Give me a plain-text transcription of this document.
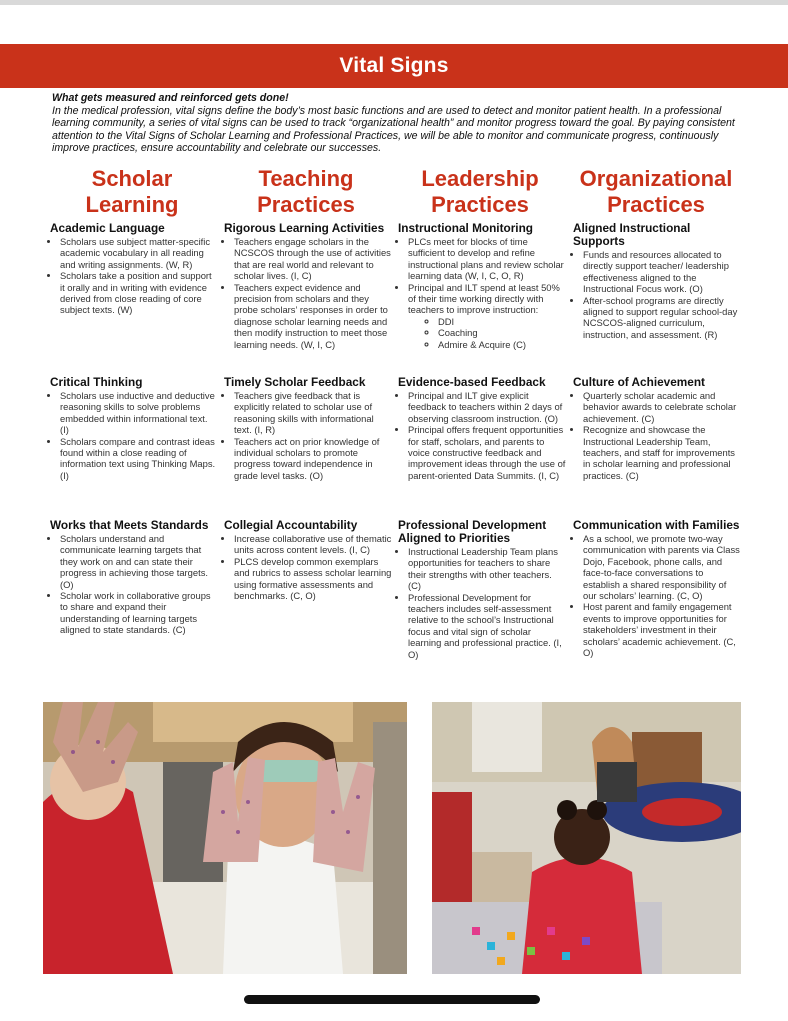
Vital Signs
What gets measured and reinforced gets done!
In the medical profession, vital signs define the body’s most basic functions and are used to detect and monitor patient health. In a professional learning community, a series of vital signs can be used to track “organizational health” and monitor progress toward the goal. By paying consistent attention to the Vital Signs of Scholar Learning and Professional Practices, we will be able to monitor and communicate progress, continuously improve practices, ensure accountability and celebrate our successes.
Scholar Learning
Academic Language
• Scholars use subject matter-specific academic vocabulary in all reading and writing assignments. (W, R)
• Scholars take a position and support it orally and in writing with evidence derived from close reading of core subject texts. (W)
Critical Thinking
• Scholars use inductive and deductive reasoning skills to solve problems embedded within informational text. (I)
• Scholars compare and contrast ideas found within a close reading of information text using Thinking Maps. (I)
Works that Meets Standards
• Scholars understand and communicate learning targets that they work on and can state their progress in achieving those targets. (O)
• Scholar work in collaborative groups to share and expand their understanding of learning targets aligned to state standards. (C)
Teaching Practices
Rigorous Learning Activities
• Teachers engage scholars in the NCSCOS through the use of activities that are real world and relevant to scholar lives. (I, C)
• Teachers expect evidence and precision from scholars and they probe scholars’ responses in order to diagnose scholar learning needs and then modify instruction to meet those learning needs. (W, I, C)
Timely Scholar Feedback
• Teachers give feedback that is explicitly related to scholar use of reasoning skills with informational text. (I, R)
• Teachers act on prior knowledge of individual scholars to promote progress toward independence in grade level tasks. (O)
Collegial Accountability
• Increase collaborative use of thematic units across content levels. (I, C)
• PLCS develop common exemplars and rubrics to assess scholar learning using formative assessments and benchmarks. (C, O)
Leadership Practices
Instructional Monitoring
• PLCs meet for blocks of time sufficient to develop and refine instructional plans and review scholar learning data (W, I, C, O, R)
• Principal and ILT spend at least 50% of their time working directly with teachers to improve instruction:
◦ DDI
◦ Coaching
◦ Admire & Acquire (C)
Evidence-based Feedback
• Principal and ILT give explicit feedback to teachers within 2 days of observing classroom instruction. (O)
• Principal offers frequent opportunities for staff, scholars, and parents to voice constructive feedback and improvement ideas through the use of parent-oriented Data Summits. (I, C)
Professional Development Aligned to Priorities
• Instructional Leadership Team plans opportunities for teachers to share their strengths with other teachers. (C)
• Professional Development for teachers includes self-assessment relative to the school’s Instructional focus and vital sign of scholar learning and professional practice. (I, O)
Organizational Practices
Aligned Instructional Supports
• Funds and resources allocated to directly support teacher/ leadership effectiveness aligned to the Instructional Focus work. (O)
• After-school programs are directly aligned to support regular school-day NCSCOS-aligned curriculum, instruction, and assessment. (R)
Culture of Achievement
• Quarterly scholar academic and behavior awards to celebrate scholar achievement. (C)
• Recognize and showcase the Instructional Leadership Team, teachers, and staff for improvements in scholar learning and professional practices. (C)
Communication with Families
• As a school, we promote two-way communication with parents via Class Dojo, Facebook, phone calls, and face-to-face conversations to establish a shared responsibility of our scholars’ learning. (C, O)
• Host parent and family engagement events to improve opportunities for stakeholders’ investment in their scholars’ academic achievement. (C, O)
